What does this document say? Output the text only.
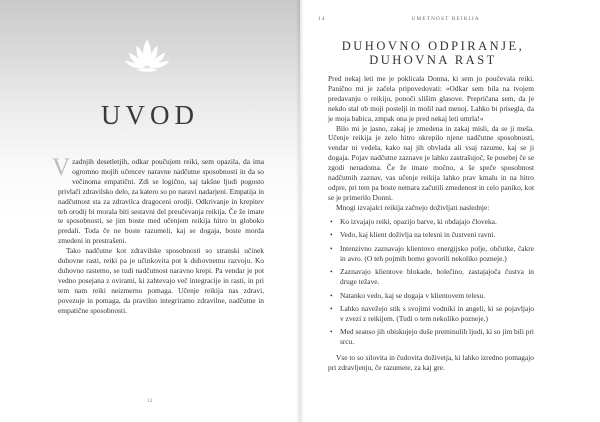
UVOD

Vzadnjih desetletjih, odkar poučujem reiki, sem opazila, da ima ogromno mojih učencev naravne nadčutne sposobnosti in da so večinoma empatični. Zdi se logično, saj takšne ljudi pogosto privlači zdravilsko delo, za katero so po naravi nadarjeni. Empatija in nadčutnost sta za zdravilca dragoceni orodji. Odkrivanje in krepitev teh orodij bi morala biti sestavni del preučevanja reikija. Če že imate te sposobnosti, se jim boste med učenjem reikija hitro in globoko predali. Toda če ne boste razumeli, kaj se dogaja, boste morda zmedeni in prestrašeni.

Tako nadčutne kot zdravilske sposobnosti so stranski učinek duhovne rasti, reiki pa je učinkovita pot k duhovnemu razvoju. Ko duhovno rastemo, se tudi nadčutnost naravno krepi. Pa vendar je pot vedno posejana z ovirami, ki zahtevajo več integracije in rasti, in pri tem nam reiki neizmerno pomaga. Učenje reikija nas zdravi, povezuje in pomaga, da pravilno integriramo zdravilne, nadčutne in empatične sposobnosti.

12
14	UMETNOST REIKIJA
DUHOVNO ODPIRANJE,
DUHOVNA RAST

Pred nekaj leti me je poklicala Donna, ki sem jo poučevala reiki. Panično mi je začela pripovedovati: »Odkar sem bila na tvojem predavanju o reikiju, ponoči slišim glasove. Prepričana sem, da je nekdo stal ob moji postelji in molil nad menoj. Lahko bi prisegla, da je moja babica, zmpak ona je pred nekaj leti umrla!«

Bilo mi je jasno, zakaj je zmedena in zakaj misli, da se ji meša. Učenje reikija je zelo hitro okrepilo njene nadčutne sposobnosti, vendar ni vedela, kako naj jih obvlada ali vsaj razume, kaj se ji dogaja. Pojav nadčutne zaznave je lahko zastrašujoč, še posebej če se zgodi nenadoma. Če že imate močno, a še speče sposobnost nadčutnih zaznav, vas učenje reikija lahko prav kmalu in na hitro odpre, pri tem pa boste nemara začutili zmedenost in celo paniko, kot se je primerilo Donni.

Mnogi izvajalci reikija začnejo doživljati naslednje:

• Ko izvajajo reiki, opazijo barve, ki obdajajo človeka.
• Vedo, kaj klient doživlja na telesni in čustveni ravni.
• Intenzivno zaznavajo klientovo energijsko polje, občutke, čakre in avro. (O teh pojmih bomo govorili nekoliko pozneje.)
• Zaznavajo klientove blokade, bolečino, zastajajoča čustva in druge težave.
• Natanko vedo, kaj se dogaja v klientovem telesu.
• Lahko navežejo stik s svojimi vodniki in angeli, ki se pojavljajo v zvezi z reikijem. (Tudi o tem nekoliko pozneje.)
• Med seanso jih obiskujejo duše preminulih ljudi, ki so jim bili pri srcu.

Vse to so silovita in čudovita doživetja, ki lahko izredno pomagajo pri zdravljenju, če razumete, za kaj gre.
